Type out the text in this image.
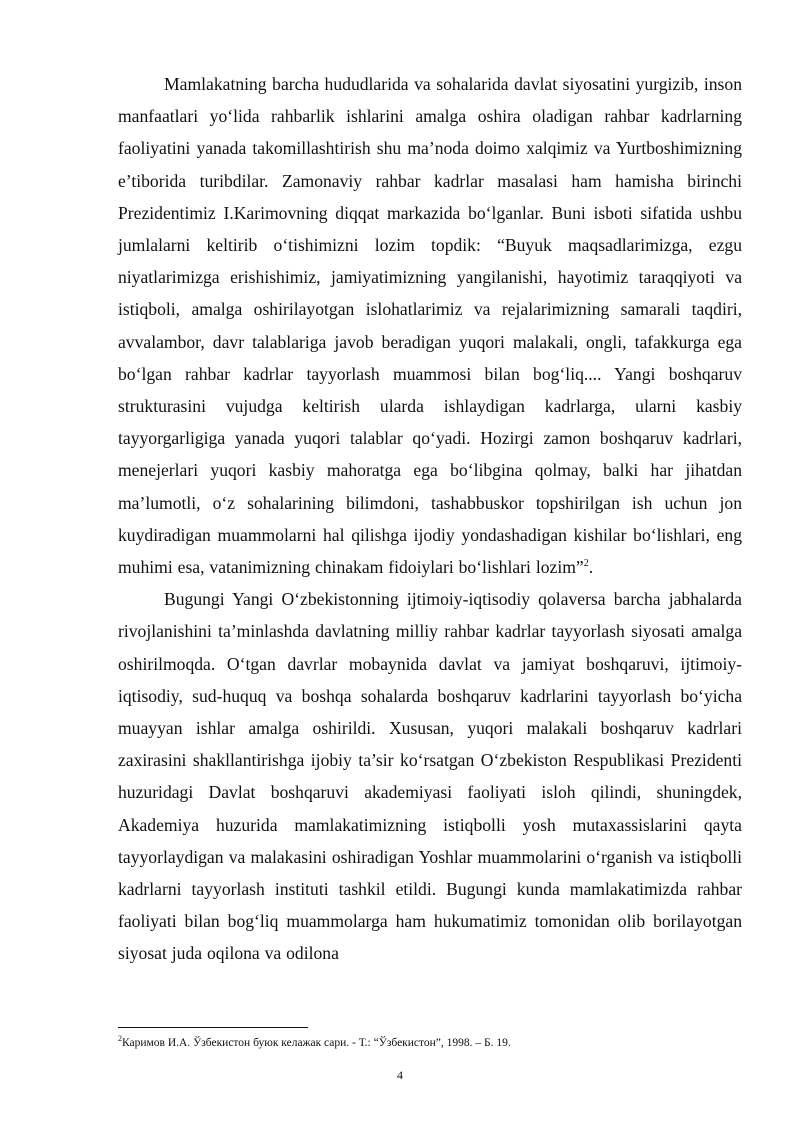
Mamlakatning barcha hududlarida va sohalarida davlat siyosatini yurgizib, inson manfaatlari yo‘lida rahbarlik ishlarini amalga oshira oladigan rahbar kadrlarning faoliyatini yanada takomillashtirish shu ma’noda doimo xalqimiz va Yurtboshimizning e’tiborida turibdilar. Zamonaviy rahbar kadrlar masalasi ham hamisha birinchi Prezidentimiz I.Karimovning diqqat markazida bo‘lganlar. Buni isboti sifatida ushbu jumlalarni keltirib o‘tishimizni lozim topdik: “Buyuk maqsadlarimizga, ezgu niyatlarimizga erishishimiz, jamiyatimizning yangilanishi, hayotimiz taraqqiyoti va istiqboli, amalga oshirilayotgan islohatlarimiz va rejalarimizning samarali taqdiri, avvalambor, davr talablariga javob beradigan yuqori malakali, ongli, tafakkurga ega bo‘lgan rahbar kadrlar tayyorlash muammosi bilan bog‘liq.... Yangi boshqaruv strukturasini vujudga keltirish ularda ishlaydigan kadrlarga, ularni kasbiy tayyorgarligiga yanada yuqori talablar qo‘yadi. Hozirgi zamon boshqaruv kadrlari, menejerlari yuqori kasbiy mahoratga ega bo‘libgina qolmay, balki har jihatdan ma’lumotli, o‘z sohalarining bilimdoni, tashabbuskor topshirilgan ish uchun jon kuydiradigan muammolarni hal qilishga ijodiy yondashadigan kishilar bo‘lishlari, eng muhimi esa, vatanimizning chinakam fidoiylari bo‘lishlari lozim”$^2$.

Bugungi Yangi O‘zbekistonning ijtimoiy-iqtisodiy qolaversa barcha jabhalarda rivojlanishini ta’minlashda davlatning milliy rahbar kadrlar tayyorlash siyosati amalga oshirilmoqda. O‘tgan davrlar mobaynida davlat va jamiyat boshqaruvi, ijtimoiy-iqtisodiy, sud-huquq va boshqa sohalarda boshqaruv kadrlarini tayyorlash bo‘yicha muayyan ishlar amalga oshirildi. Xususan, yuqori malakali boshqaruv kadrlari zaxirasini shakllantirishga ijobiy ta’sir ko‘rsatgan O‘zbekiston Respublikasi Prezidenti huzuridagi Davlat boshqaruvi akademiyasi faoliyati isloh qilindi, shuningdek, Akademiya huzurida mamlakatimizning istiqbolli yosh mutaxassislarini qayta tayyorlaydigan va malakasini oshiradigan Yoshlar muammolarini o‘rganish va istiqbolli kadrlarni tayyorlash instituti tashkil etildi. Bugungi kunda mamlakatimizda rahbar faoliyati bilan bog‘liq muammolarga ham hukumatimiz tomonidan olib borilayotgan siyosat juda oqilona va odilona

$^2$Каримов И.А. Ўзбекистон буюк келажак сари. - Т.: “Ўзбекистон”, 1998. – Б. 19.

4
